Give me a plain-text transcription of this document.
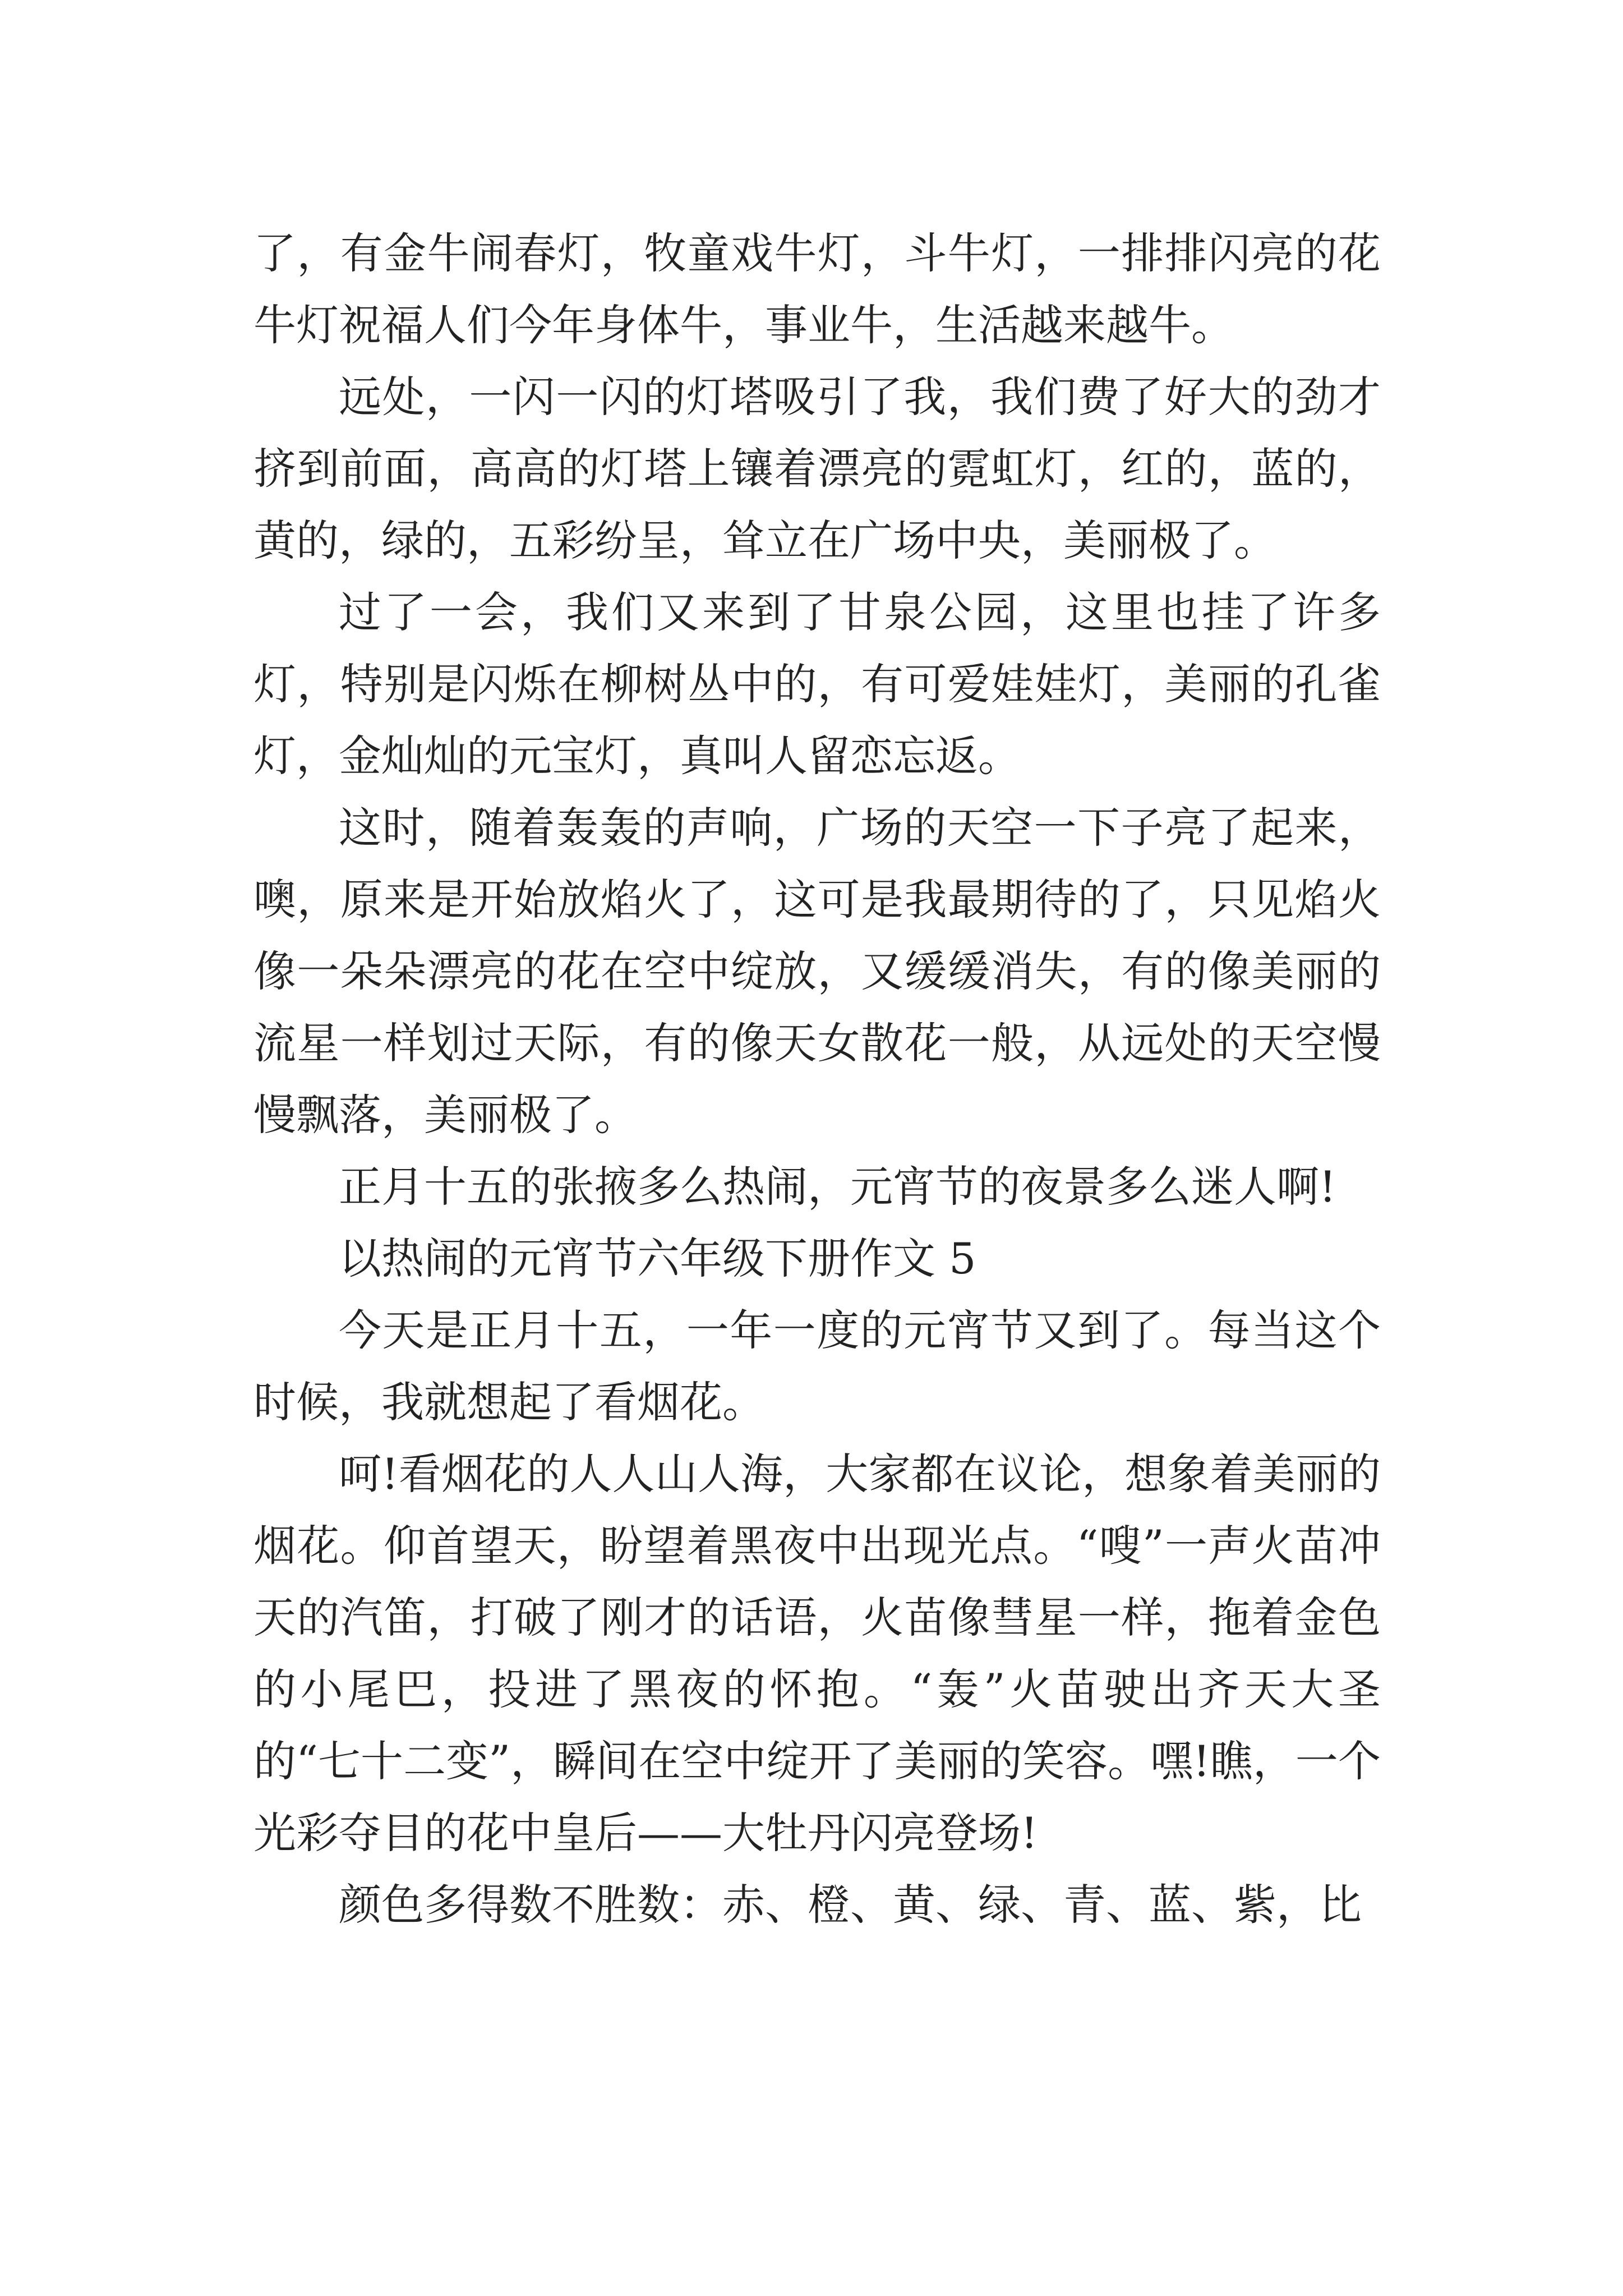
了，有金牛闹春灯，牧童戏牛灯，斗牛灯，一排排闪亮的花牛灯祝福人们今年身体牛，事业牛，生活越来越牛。

远处，一闪一闪的灯塔吸引了我，我们费了好大的劲才挤到前面，高高的灯塔上镶着漂亮的霓虹灯，红的，蓝的，黄的，绿的，五彩纷呈，耸立在广场中央，美丽极了。

过了一会，我们又来到了甘泉公园，这里也挂了许多灯，特别是闪烁在柳树丛中的，有可爱娃娃灯，美丽的孔雀灯，金灿灿的元宝灯，真叫人留恋忘返。

这时，随着轰轰的声响，广场的天空一下子亮了起来，噢，原来是开始放焰火了，这可是我最期待的了，只见焰火像一朵朵漂亮的花在空中绽放，又缓缓消失，有的像美丽的流星一样划过天际，有的像天女散花一般，从远处的天空慢慢飘落，美丽极了。

正月十五的张掖多么热闹，元宵节的夜景多么迷人啊!

以热闹的元宵节六年级下册作文 5

今天是正月十五，一年一度的元宵节又到了。每当这个时候，我就想起了看烟花。

呵!看烟花的人人山人海，大家都在议论，想象着美丽的烟花。仰首望天，盼望着黑夜中出现光点。“嗖”一声火苗冲天的汽笛，打破了刚才的话语，火苗像彗星一样，拖着金色的小尾巴，投进了黑夜的怀抱。“轰”火苗驶出齐天大圣的“七十二变”，瞬间在空中绽开了美丽的笑容。嘿!瞧，一个光彩夺目的花中皇后——大牡丹闪亮登场!

颜色多得数不胜数：赤、橙、黄、绿、青、蓝、紫，比
